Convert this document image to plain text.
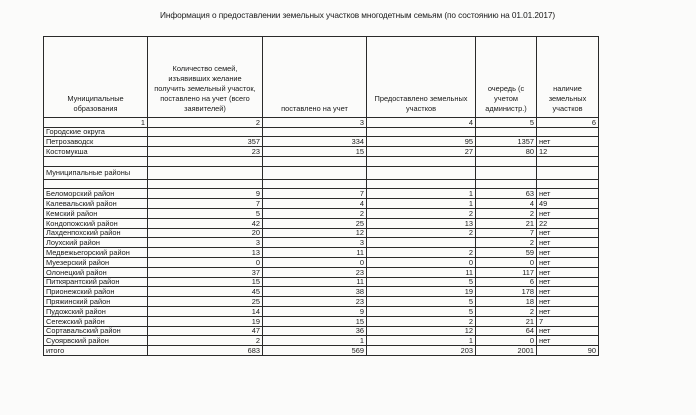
Информация о предоставлении земельных участков многодетным семьям (по состоянию на 01.01.2017)
Муниципальные образования	Количество семей, изъявивших желание получить земельный участок, поставлено на учет (всего заявителей)	поставлено на учет	Предоставлено земельных участков	очередь (с учетом администр.)	наличие земельных участков
1	2	3	4	5	6
Городские округа					
Петрозаводск	357	334	95	1357	нет
Костомукша	23	15	27	80	12

Муниципальные районы					

Беломорский район	9	7	1	63	нет
Калевальский район	7	4	1	4	49
Кемский район	5	2	2	2	нет
Кондопожский район	42	25	13	21	22
Лахденпохский район	20	12	2	7	нет
Лоухский район	3	3		2	нет
Медвежьегорский район	13	11	2	59	нет
Муезерский район	0	0	0	0	нет
Олонецкий район	37	23	11	117	нет
Питкярантский район	15	11	5	6	нет
Прионежский район	45	38	19	178	нет
Пряжинский район	25	23	5	18	нет
Пудожский район	14	9	5	2	нет
Сегежский район	19	15	2	21	7
Сортавальский район	47	36	12	64	нет
Суоярвский район	2	1	1	0	нет
итого	683	569	203	2001	90
